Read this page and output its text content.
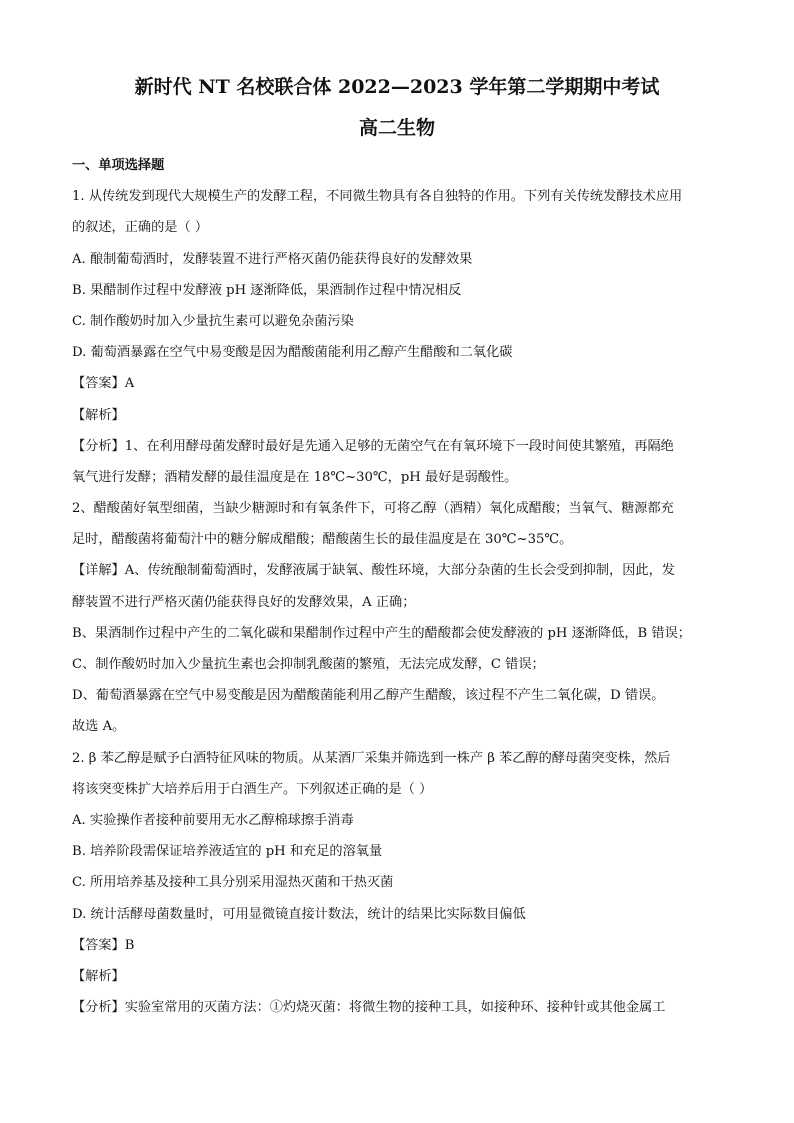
新时代 NT 名校联合体 2022—2023 学年第二学期期中考试
高二生物
一、单项选择题
1. 从传统发到现代大规模生产的发酵工程，不同微生物具有各自独特的作用。下列有关传统发酵技术应用
的叙述，正确的是（ ）
A. 酿制葡萄酒时，发酵装置不进行严格灭菌仍能获得良好的发酵效果
B. 果醋制作过程中发酵液 pH 逐渐降低，果酒制作过程中情况相反
C. 制作酸奶时加入少量抗生素可以避免杂菌污染
D. 葡萄酒暴露在空气中易变酸是因为醋酸菌能利用乙醇产生醋酸和二氧化碳
【答案】A
【解析】
【分析】1、在利用酵母菌发酵时最好是先通入足够的无菌空气在有氧环境下一段时间使其繁殖，再隔绝
氧气进行发酵；酒精发酵的最佳温度是在 18℃~30℃，pH 最好是弱酸性。
2、醋酸菌好氧型细菌，当缺少糖源时和有氧条件下，可将乙醇（酒精）氧化成醋酸；当氧气、糖源都充
足时，醋酸菌将葡萄汁中的糖分解成醋酸；醋酸菌生长的最佳温度是在 30℃~35℃。
【详解】A、传统酿制葡萄酒时，发酵液属于缺氧、酸性环境，大部分杂菌的生长会受到抑制，因此，发
酵装置不进行严格灭菌仍能获得良好的发酵效果，A 正确；
B、果酒制作过程中产生的二氧化碳和果醋制作过程中产生的醋酸都会使发酵液的 pH 逐渐降低，B 错误；
C、制作酸奶时加入少量抗生素也会抑制乳酸菌的繁殖，无法完成发酵，C 错误；
D、葡萄酒暴露在空气中易变酸是因为醋酸菌能利用乙醇产生醋酸，该过程不产生二氧化碳，D 错误。
故选 A。
2. β 苯乙醇是赋予白酒特征风味的物质。从某酒厂采集并筛选到一株产 β 苯乙醇的酵母菌突变株，然后
将该突变株扩大培养后用于白酒生产。下列叙述正确的是（ ）
A. 实验操作者接种前要用无水乙醇棉球擦手消毒
B. 培养阶段需保证培养液适宜的 pH 和充足的溶氧量
C. 所用培养基及接种工具分别采用湿热灭菌和干热灭菌
D. 统计活酵母菌数量时，可用显微镜直接计数法，统计的结果比实际数目偏低
【答案】B
【解析】
【分析】实验室常用的灭菌方法：①灼烧灭菌：将微生物的接种工具，如接种环、接种针或其他金属工
